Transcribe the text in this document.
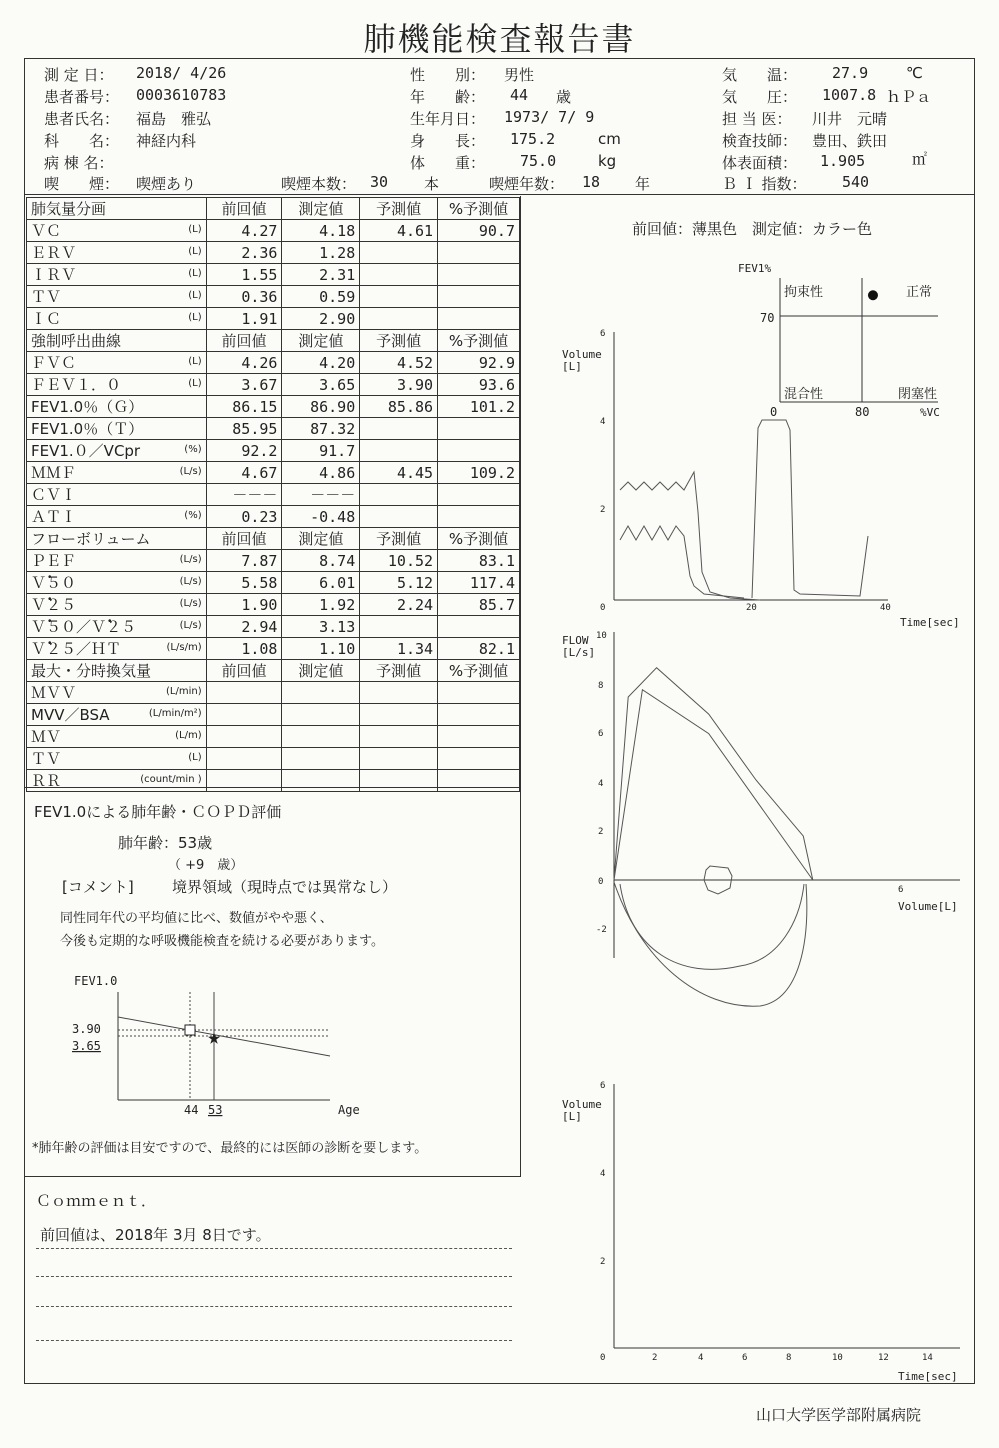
肺機能検査報告書
測 定 日： 2018/ 4/26
患者番号： 0003610783
患者氏名： 福島　雅弘
科　　名： 神経内科
病 棟 名：
喫　　煙： 喫煙あり	喫煙本数： 30 本	喫煙年数： 18 年
性　　別： 男性
年　　齢： 44 歳
生年月日： 1973/ 7/ 9
身　　長： 175.2	cm
体　　重： 75.0	kg
気　　温： 27.9	℃
気　　圧： 1007.8 ｈＰａ
担 当 医： 川井　元晴
検査技師： 豊田、鉄田
体表面積： 1.905	㎡
Ｂ Ｉ 指数： 540
肺気量分画	前回値	測定値	予測値	%予測値
ＶＣ (L)	4.27	4.18	4.61	90.7
ＥＲＶ (L)	2.36	1.28		
ＩＲＶ (L)	1.55	2.31		
ＴＶ (L)	0.36	0.59		
ＩＣ (L)	1.91	2.90		
強制呼出曲線	前回値	測定値	予測値	%予測値
ＦＶＣ (L)	4.26	4.20	4.52	92.9
ＦＥＶ１．０ (L)	3.67	3.65	3.90	93.6
FEV1.0％（Ｇ）	86.15	86.90	85.86	101.2
FEV1.0％（Ｔ）	85.95	87.32		
FEV1.０／VCpr (%)	92.2	91.7		
ＭＭＦ (L/s)	4.67	4.86	4.45	109.2
ＣＶＩ	－－－	－－－		
ＡＴＩ (%)	0.23	-0.48		
フローボリューム	前回値	測定値	予測値	%予測値
ＰＥＦ (L/s)	7.87	8.74	10.52	83.1
Ｖ̇５０ (L/s)	5.58	6.01	5.12	117.4
Ｖ̇２５ (L/s)	1.90	1.92	2.24	85.7
Ｖ̇５０／Ｖ̇２５ (L/s)	2.94	3.13		
Ｖ̇２５／ＨＴ (L/s/m)	1.08	1.10	1.34	82.1
最大・分時換気量	前回値	測定値	予測値	%予測値
ＭＶＶ (L/min)				

MVV／BSA (L/min/m²)				

ＭＶ (L/m)				

ＴＶ (L)				

ＲＲ (count/min )				

FEV1.0による肺年齢・ＣＯＰＤ評価
肺年齢：53歳
（ +9　歳）
[コメント]	境界領域（現時点では異常なし）
同性同年代の平均値に比べ、数値がやや悪く、
今後も定期的な呼吸機能検査を続ける必要があります。
*肺年齢の評価は目安ですので、最終的には医師の診断を要します。
FEV1.0
Age
★
3.90
3.65
44 53
Ｃｏｍｍｅｎｔ．
前回値は、2018年 3月 8日です。
前回値：薄黒色　測定値：カラー色
FEV1%
拘束性	正常
混合性	閉塞性
70
0	80	%VC
Volume [L]
6
4
2
0	20	40
Time[sec]
FLOW [L/s]
10
8
6
4
2
0
-2
6
Volume[L]
Volume [L]
6
4
2
0	2	4	6	8	10	12	14
Time[sec]
山口大学医学部附属病院
